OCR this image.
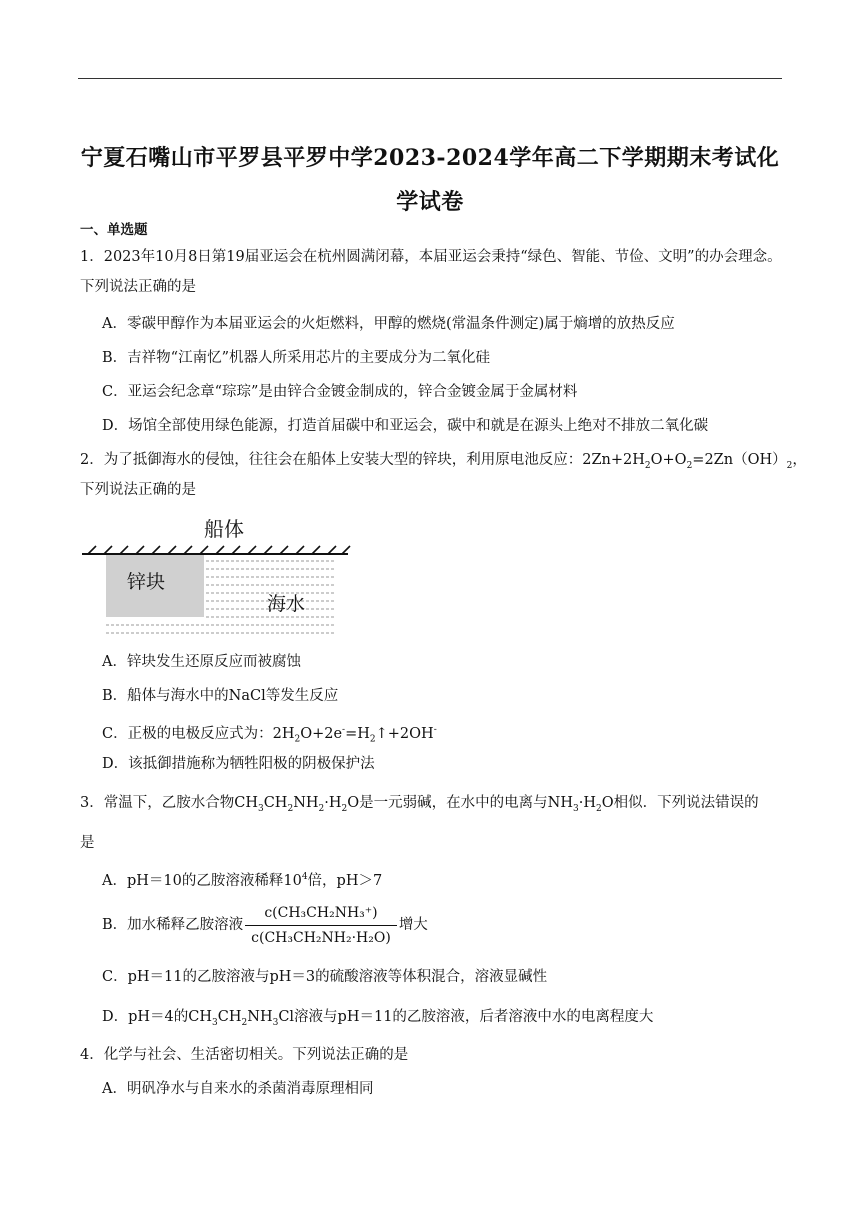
宁夏石嘴山市平罗县平罗中学2023-2024学年高二下学期期末考试化学试卷
一、单选题
1．2023年10月8日第19届亚运会在杭州圆满闭幕，本届亚运会秉持“绿色、智能、节俭、文明”的办会理念。下列说法正确的是
A．零碳甲醇作为本届亚运会的火炬燃料，甲醇的燃烧(常温条件测定)属于熵增的放热反应
B．吉祥物“江南忆”机器人所采用芯片的主要成分为二氧化硅
C．亚运会纪念章“琮琮”是由锌合金镀金制成的，锌合金镀金属于金属材料
D．场馆全部使用绿色能源，打造首届碳中和亚运会，碳中和就是在源头上绝对不排放二氧化碳
2．为了抵御海水的侵蚀，往往会在船体上安装大型的锌块，利用原电池反应：$2Zn+2H_2O+O_2=2Zn(OH)_2$，
下列说法正确的是
船体
锌块
海水
A．锌块发生还原反应而被腐蚀
B．船体与海水中的NaCl等发生反应
C．正极的电极反应式为：$2H_2O+2e^-=H_2↑+2OH^-$
D．该抵御措施称为牺牲阳极的阴极保护法
3．常温下，乙胺水合物$CH_3CH_2NH_2\cdot H_2O$是一元弱碱，在水中的电离与$NH_3\cdot H_2O$相似．下列说法错误的
是
A．pH＝10的乙胺溶液稀释$10^4$倍，pH＞7
B．加水稀释乙胺溶液 $\frac{\text{c(CH₃CH₂NH₃⁺)}}{\text{c(CH₃CH₂NH₂·H₂O)}}$ 增大
C．pH＝11的乙胺溶液与pH＝3的硫酸溶液等体积混合，溶液显碱性
D．pH＝4的$CH_3CH_2NH_3Cl$溶液与pH＝11的乙胺溶液，后者溶液中水的电离程度大
4．化学与社会、生活密切相关。下列说法正确的是
A．明矾净水与自来水的杀菌消毒原理相同
